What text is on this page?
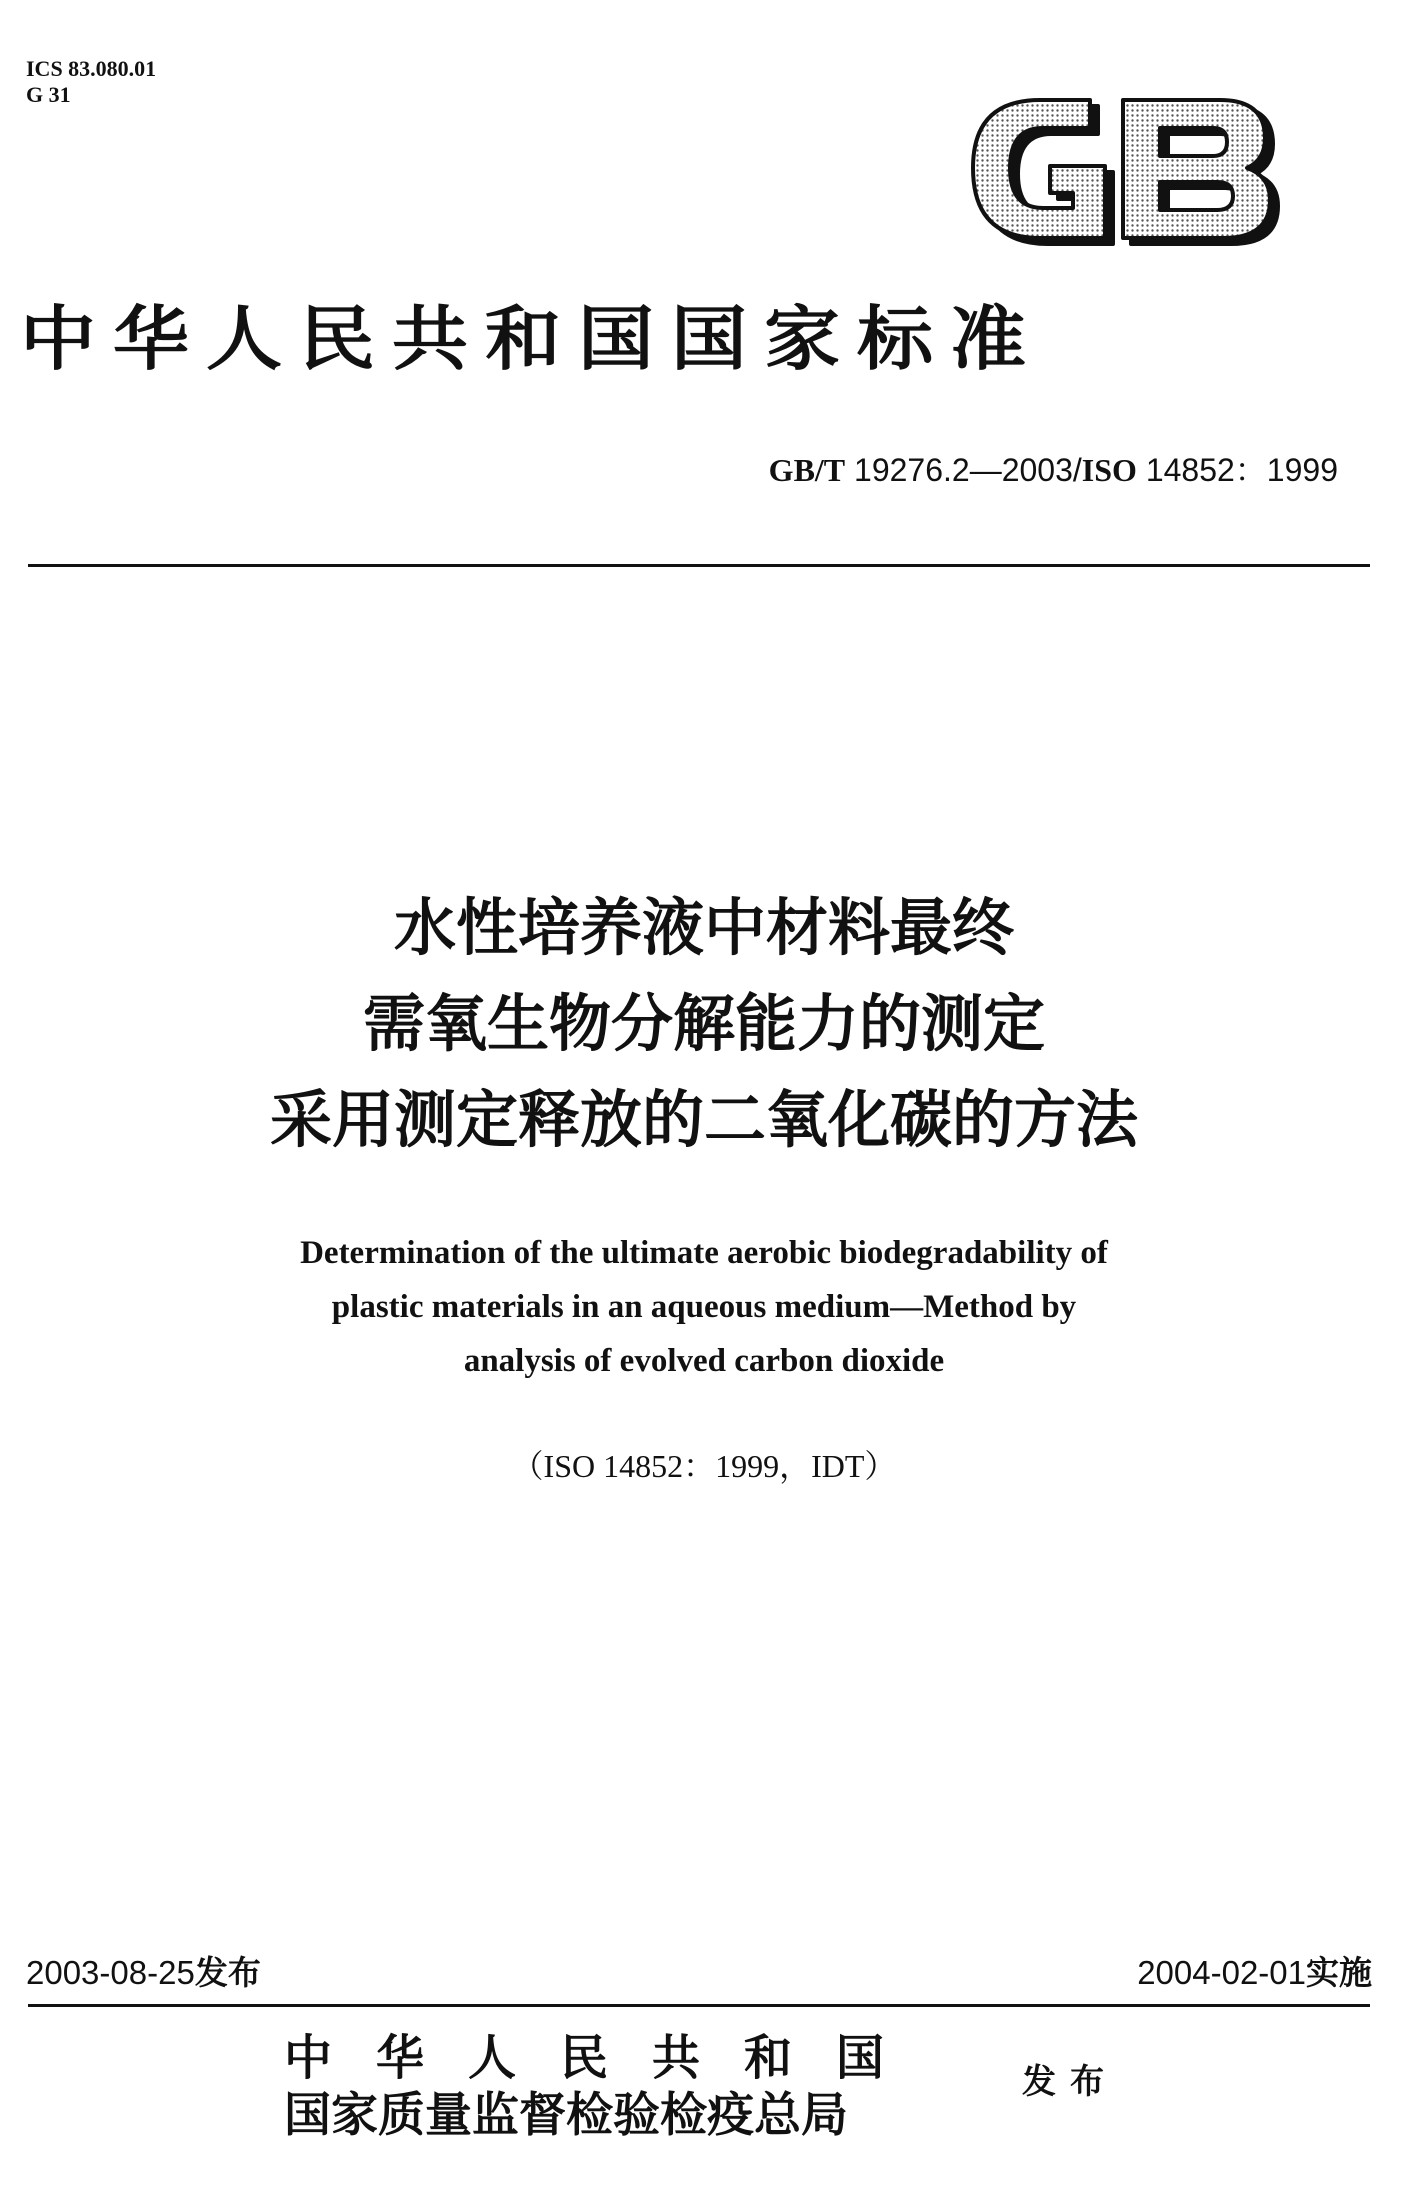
ICS 83.080.01
G 31
中华人民共和国国家标准
GB/T 19276.2—2003/ISO 14852：1999
水性培养液中材料最终
需氧生物分解能力的测定
采用测定释放的二氧化碳的方法
Determination of the ultimate aerobic biodegradability of
plastic materials in an aqueous medium—Method by
analysis of evolved carbon dioxide
（ISO 14852：1999，IDT）
2003-08-25发布	2004-02-01实施
中华人民共和国
国家质量监督检验检疫总局
发布
